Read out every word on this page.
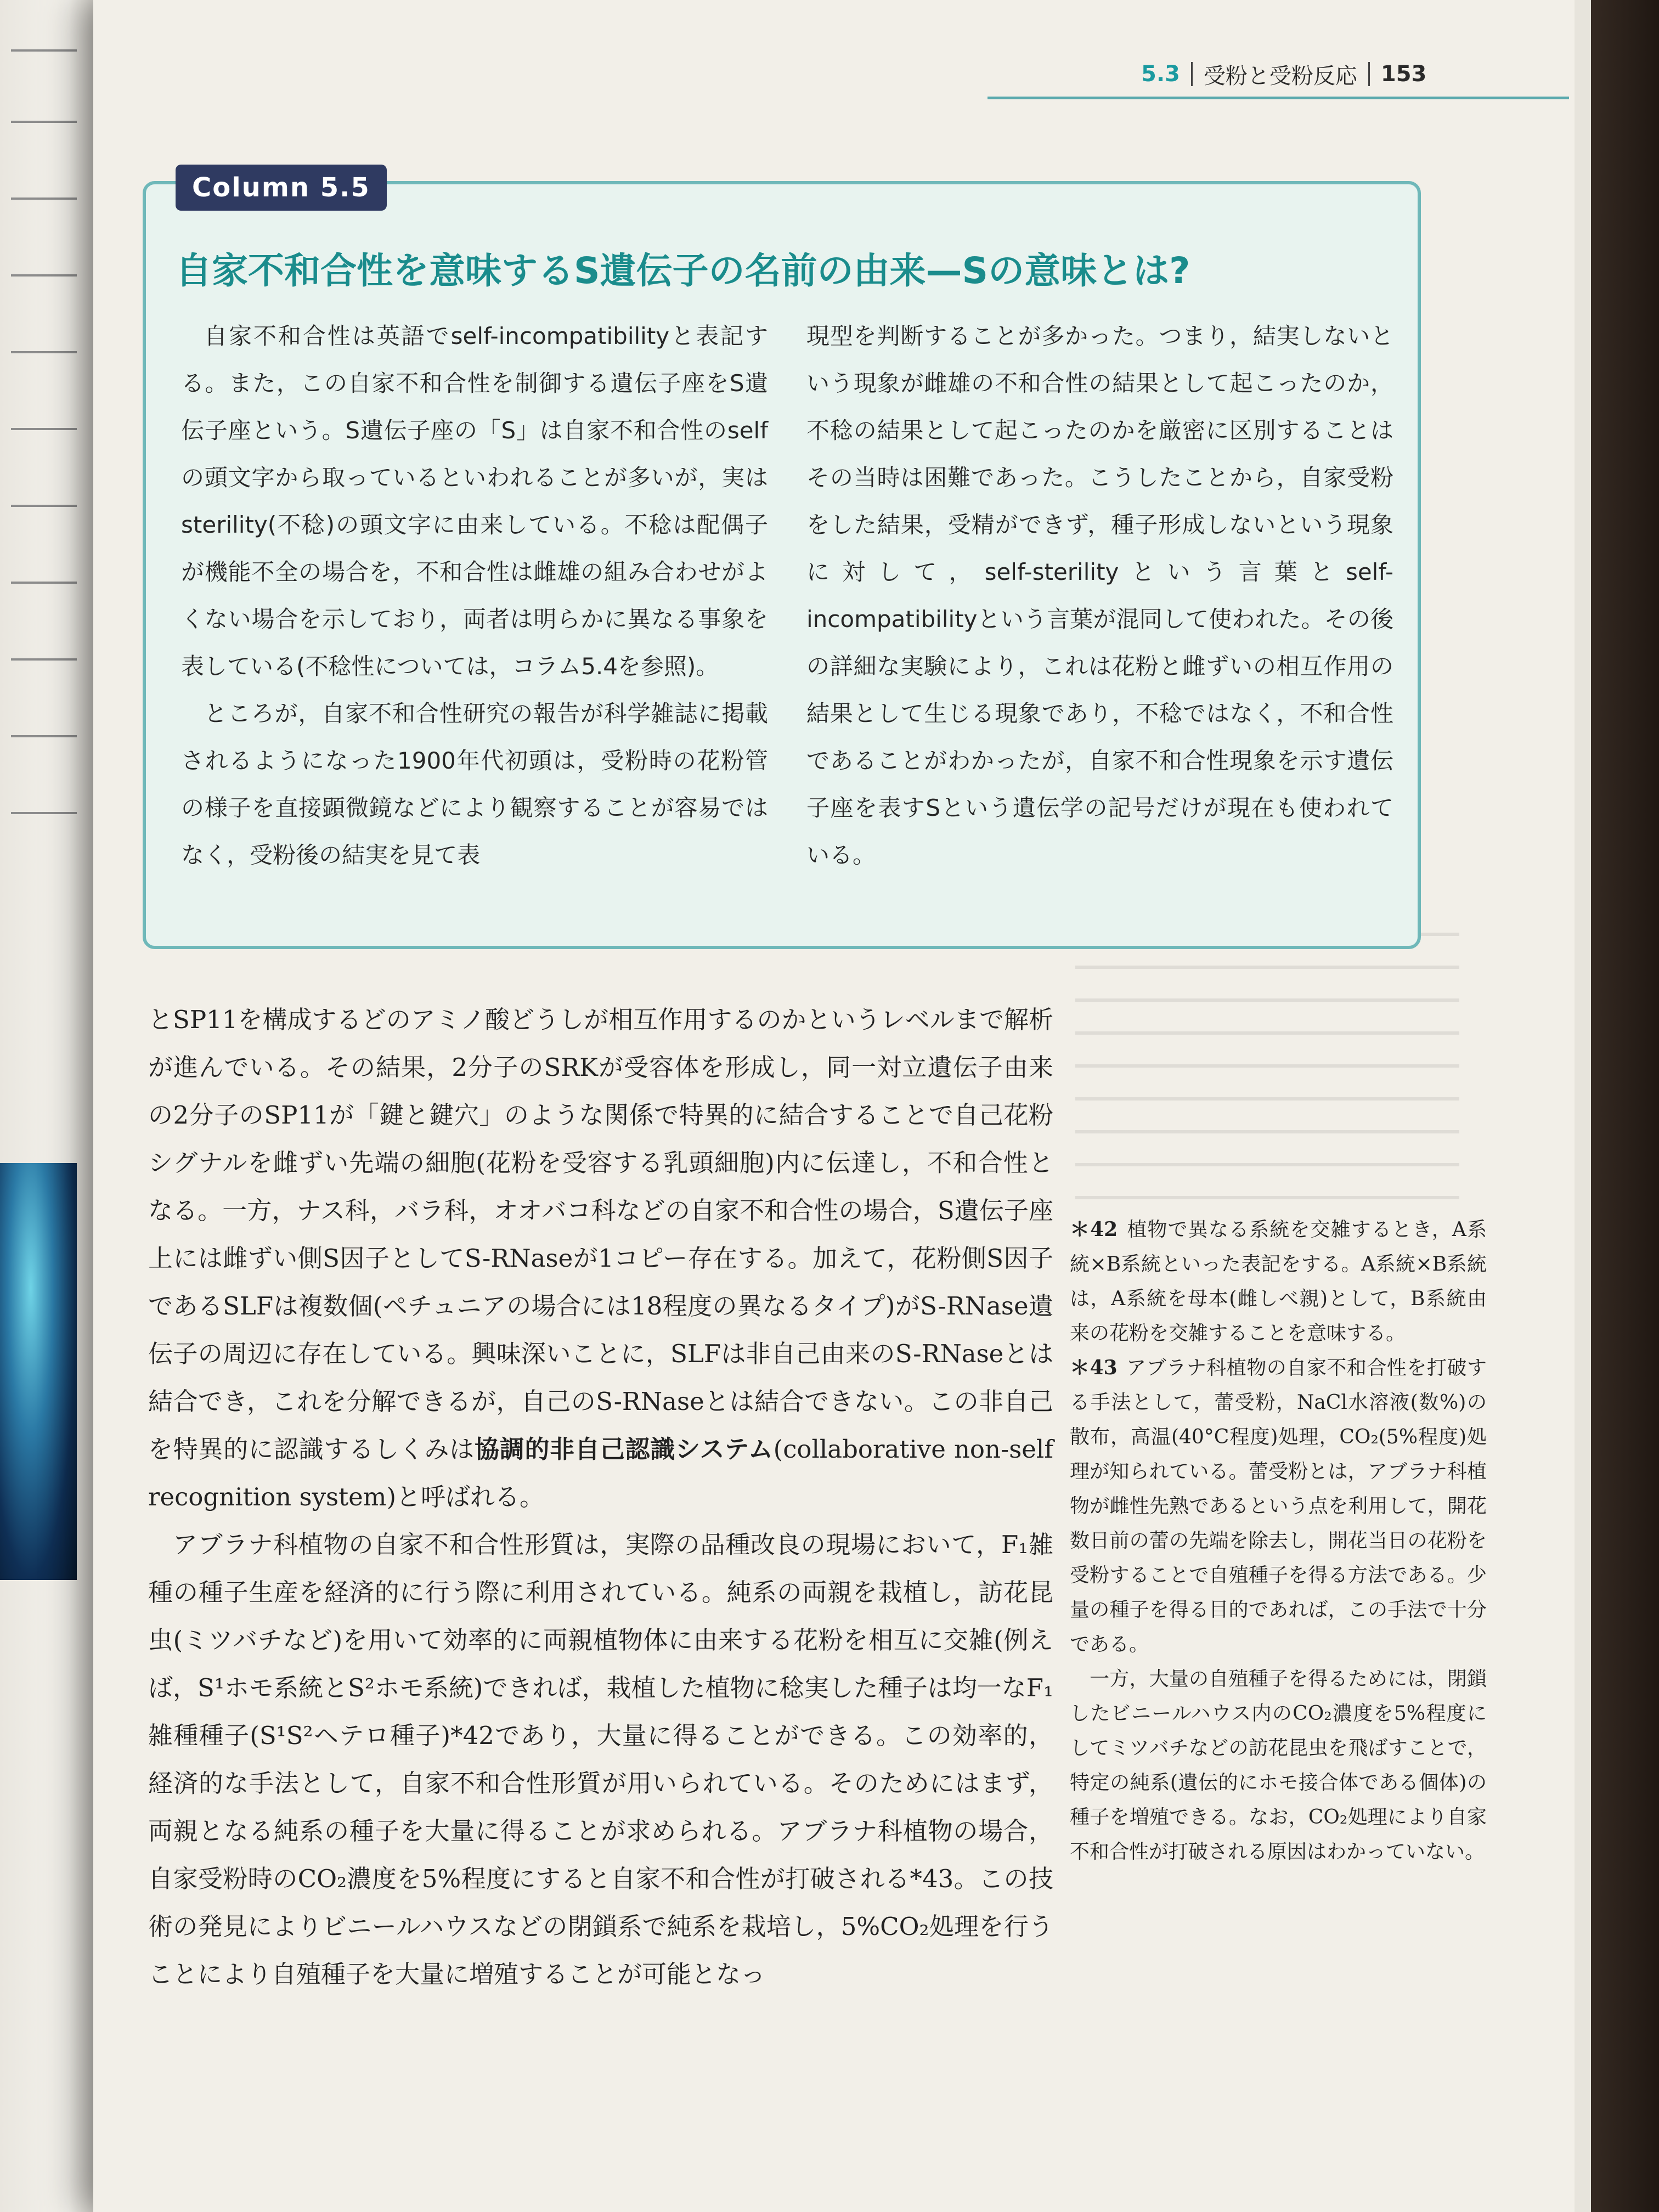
5.3 受粉と受粉反応 153
Column 5.5
自家不和合性を意味するS遺伝子の名前の由来—Sの意味とは?

自家不和合性は英語でself-incompatibilityと表記する。また，この自家不和合性を制御する遺伝子座をS遺伝子座という。S遺伝子座の「S」は自家不和合性のselfの頭文字から取っているといわれることが多いが，実はsterility(不稔)の頭文字に由来している。不稔は配偶子が機能不全の場合を，不和合性は雌雄の組み合わせがよくない場合を示しており，両者は明らかに異なる事象を表している(不稔性については，コラム5.4を参照)。

ところが，自家不和合性研究の報告が科学雑誌に掲載されるようになった1900年代初頭は，受粉時の花粉管の様子を直接顕微鏡などにより観察することが容易ではなく，受粉後の結実を見て表

現型を判断することが多かった。つまり，結実しないという現象が雌雄の不和合性の結果として起こったのか，不稔の結果として起こったのかを厳密に区別することはその当時は困難であった。こうしたことから，自家受粉をした結果，受精ができず，種子形成しないという現象に対して，self-sterilityという言葉とself-incompatibilityという言葉が混同して使われた。その後の詳細な実験により，これは花粉と雌ずいの相互作用の結果として生じる現象であり，不稔ではなく，不和合性であることがわかったが，自家不和合性現象を示す遺伝子座を表すSという遺伝学の記号だけが現在も使われている。

とSP11を構成するどのアミノ酸どうしが相互作用するのかというレベルまで解析が進んでいる。その結果，2分子のSRKが受容体を形成し，同一対立遺伝子由来の2分子のSP11が「鍵と鍵穴」のような関係で特異的に結合することで自己花粉シグナルを雌ずい先端の細胞(花粉を受容する乳頭細胞)内に伝達し，不和合性となる。一方，ナス科，バラ科，オオバコ科などの自家不和合性の場合，S遺伝子座上には雌ずい側S因子としてS-RNaseが1コピー存在する。加えて，花粉側S因子であるSLFは複数個(ペチュニアの場合には18程度の異なるタイプ)がS-RNase遺伝子の周辺に存在している。興味深いことに，SLFは非自己由来のS-RNaseとは結合でき，これを分解できるが，自己のS-RNaseとは結合できない。この非自己を特異的に認識するしくみは協調的非自己認識システム(collaborative non-self recognition system)と呼ばれる。

アブラナ科植物の自家不和合性形質は，実際の品種改良の現場において，F₁雑種の種子生産を経済的に行う際に利用されている。純系の両親を栽植し，訪花昆虫(ミツバチなど)を用いて効率的に両親植物体に由来する花粉を相互に交雑(例えば，S¹ホモ系統とS²ホモ系統)できれば，栽植した植物に稔実した種子は均一なF₁雑種種子(S¹S²ヘテロ種子)*42であり，大量に得ることができる。この効率的，経済的な手法として，自家不和合性形質が用いられている。そのためにはまず，両親となる純系の種子を大量に得ることが求められる。アブラナ科植物の場合，自家受粉時のCO₂濃度を5%程度にすると自家不和合性が打破される*43。この技術の発見によりビニールハウスなどの閉鎖系で純系を栽培し，5%CO₂処理を行うことにより自殖種子を大量に増殖することが可能となっ

＊42 植物で異なる系統を交雑するとき，A系統×B系統といった表記をする。A系統×B系統は，A系統を母本(雌しべ親)として，B系統由来の花粉を交雑することを意味する。

＊43 アブラナ科植物の自家不和合性を打破する手法として，蕾受粉，NaCl水溶液(数%)の散布，高温(40°C程度)処理，CO₂(5%程度)処理が知られている。蕾受粉とは，アブラナ科植物が雌性先熟であるという点を利用して，開花数日前の蕾の先端を除去し，開花当日の花粉を受粉することで自殖種子を得る方法である。少量の種子を得る目的であれば，この手法で十分である。

一方，大量の自殖種子を得るためには，閉鎖したビニールハウス内のCO₂濃度を5%程度にしてミツバチなどの訪花昆虫を飛ばすことで，特定の純系(遺伝的にホモ接合体である個体)の種子を増殖できる。なお，CO₂処理により自家不和合性が打破される原因はわかっていない。
